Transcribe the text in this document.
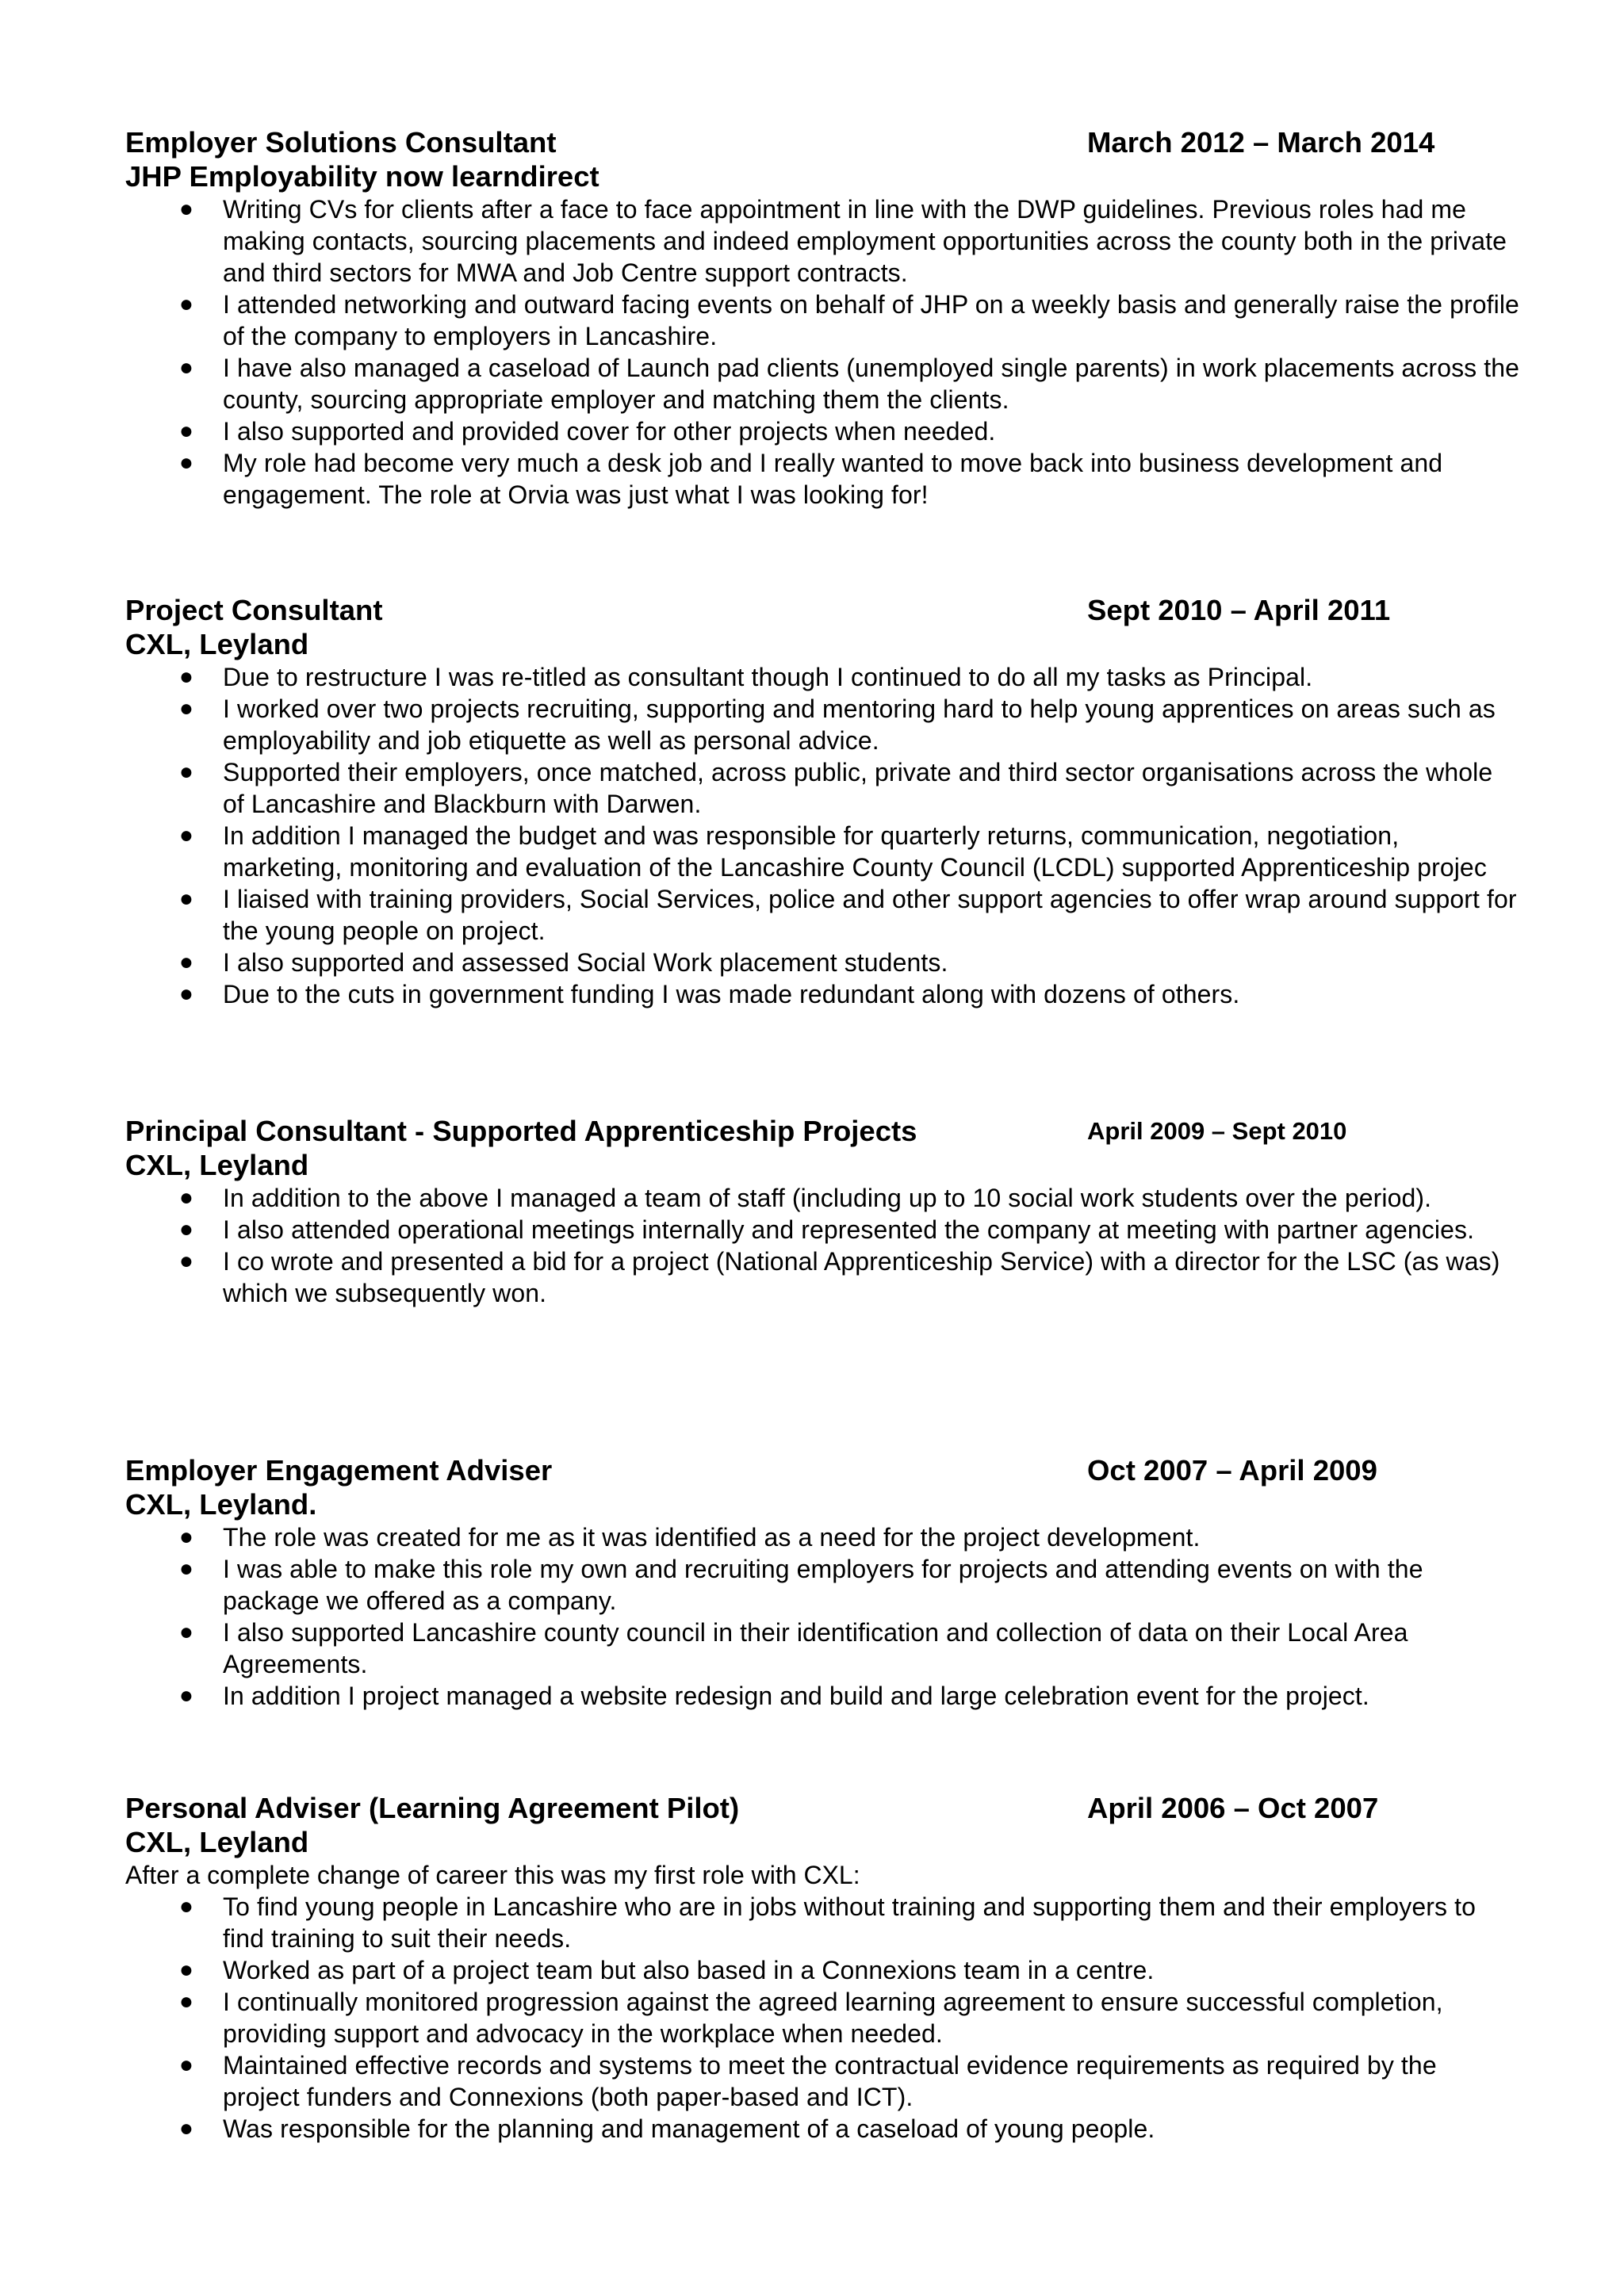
Employer Solutions Consultant	March 2012 – March 2014
JHP Employability now learndirect
● Writing CVs for clients after a face to face appointment in line with the DWP guidelines. Previous roles had me making contacts, sourcing placements and indeed employment opportunities across the county both in the private and third sectors for MWA and Job Centre support contracts.
● I attended networking and outward facing events on behalf of JHP on a weekly basis and generally raise the profile of the company to employers in Lancashire.
● I have also managed a caseload of Launch pad clients (unemployed single parents) in work placements across the county, sourcing appropriate employer and matching them the clients.
● I also supported and provided cover for other projects when needed.
● My role had become very much a desk job and I really wanted to move back into business development and engagement. The role at Orvia was just what I was looking for!
Project Consultant	Sept 2010 – April 2011
CXL, Leyland
● Due to restructure I was re-titled as consultant though I continued to do all my tasks as Principal.
● I worked over two projects recruiting, supporting and mentoring hard to help young apprentices on areas such as employability and job etiquette as well as personal advice.
● Supported their employers, once matched, across public, private and third sector organisations across the whole of Lancashire and Blackburn with Darwen.
● In addition I managed the budget and was responsible for quarterly returns, communication, negotiation, marketing, monitoring and evaluation of the Lancashire County Council (LCDL) supported Apprenticeship projec
● I liaised with training providers, Social Services, police and other support agencies to offer wrap around support for the young people on project.
● I also supported and assessed Social Work placement students.
● Due to the cuts in government funding I was made redundant along with dozens of others.
Principal Consultant - Supported Apprenticeship Projects	April 2009 – Sept 2010
CXL, Leyland
● In addition to the above I managed a team of staff (including up to 10 social work students over the period).
● I also attended operational meetings internally and represented the company at meeting with partner agencies.
● I co wrote and presented a bid for a project (National Apprenticeship Service) with a director for the LSC (as was) which we subsequently won.
Employer Engagement Adviser	Oct 2007 – April 2009
CXL, Leyland.
● The role was created for me as it was identified as a need for the project development.
● I was able to make this role my own and recruiting employers for projects and attending events on with the package we offered as a company.
● I also supported Lancashire county council in their identification and collection of data on their Local Area Agreements.
● In addition I project managed a website redesign and build and large celebration event for the project.
Personal Adviser (Learning Agreement Pilot)	April 2006 – Oct 2007
CXL, Leyland
After a complete change of career this was my first role with CXL:
● To find young people in Lancashire who are in jobs without training and supporting them and their employers to find training to suit their needs.
● Worked as part of a project team but also based in a Connexions team in a centre.
● I continually monitored progression against the agreed learning agreement to ensure successful completion, providing support and advocacy in the workplace when needed.
● Maintained effective records and systems to meet the contractual evidence requirements as required by the project funders and Connexions (both paper-based and ICT).
● Was responsible for the planning and management of a caseload of young people.
